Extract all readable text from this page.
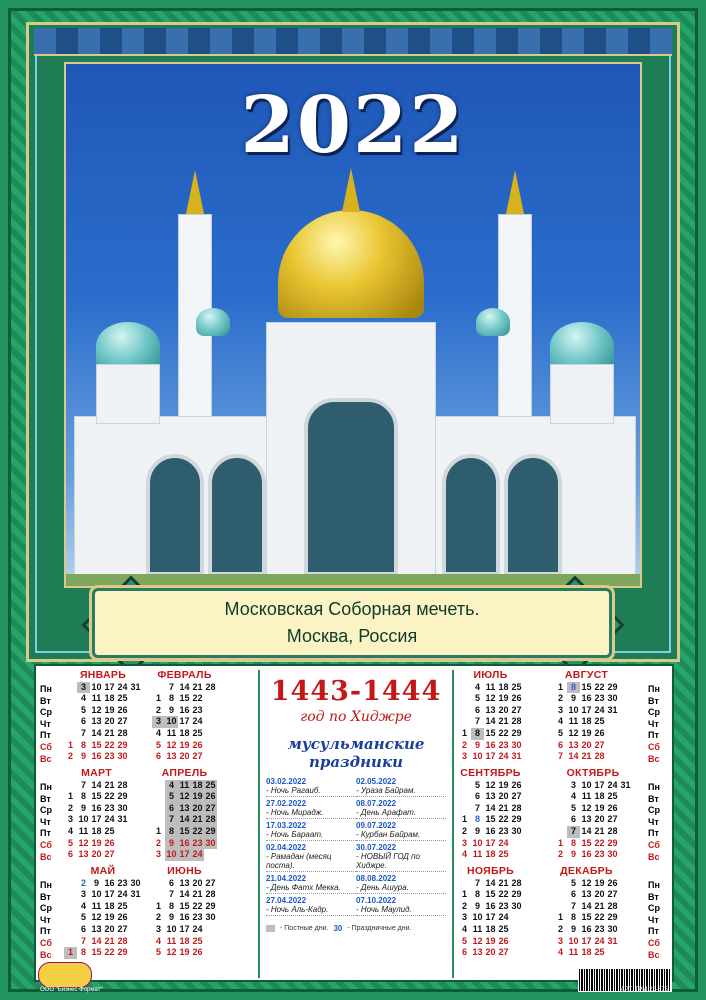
2022
Московская Соборная мечеть.
Москва, Россия
Пн
Вт
Ср
Чт
Пт
Сб
Вс
Пн
Вт
Ср
Чт
Пт
Сб
Вс
Пн
Вт
Ср
Чт
Пт
Сб
Вс
ЯНВАРЬ
3 10 17 24 31
4 11 18 25
5 12 19 26
6 13 20 27
7 14 21 28
1 8 15 22 29
2 9 16 23 30
ФЕВРАЛЬ
7 14 21 28
1 8 15 22
2 9 16 23
3 10 17 24
4 11 18 25
5 12 19 26
6 13 20 27
МАРТ
7 14 21 28
1 8 15 22 29
2 9 16 23 30
3 10 17 24 31
4 11 18 25
5 12 19 26
6 13 20 27
АПРЕЛЬ
4 11 18 25
5 12 19 26
6 13 20 27
7 14 21 28
1 8 15 22 29
2 9 16 23 30
3 10 17 24
МАЙ
2 9 16 23 30
3 10 17 24 31
4 11 18 25
5 12 19 26
6 13 20 27
7 14 21 28
1 8 15 22 29
ИЮНЬ
6 13 20 27
7 14 21 28
1 8 15 22 29
2 9 16 23 30
3 10 17 24
4 11 18 25
5 12 19 26
1443-1444
год по Хиджре
мусульманские
праздники
03.02.2022
- Ночь Рагаиб.
27.02.2022
- Ночь Мирадж.
17.03.2022
- Ночь Бараат.
02.04.2022
- Рамадан (месяц поста).
21.04.2022
- День Фатх Мекка.
27.04.2022
- Ночь Аль-Кадр.
02.05.2022
- Ураза Байрам.
08.07.2022
- День Арафат.
09.07.2022
- Курбан Байрам.
30.07.2022
- НОВЫЙ ГОД по Хиджре.
08.08.2022
- День Ашура.
07.10.2022
- Ночь Маулид.
- Постные дни. 30 - Праздничные дни.
Пн
Вт
Ср
Чт
Пт
Сб
Вс
Пн
Вт
Ср
Чт
Пт
Сб
Вс
Пн
Вт
Ср
Чт
Пт
Сб
Вс
ИЮЛЬ
4 11 18 25
5 12 19 26
6 13 20 27
7 14 21 28
1 8 15 22 29
2 9 16 23 30
3 10 17 24 31
АВГУСТ
1 8 15 22 29
2 9 16 23 30
3 10 17 24 31
4 11 18 25
5 12 19 26
6 13 20 27
7 14 21 28
СЕНТЯБРЬ
5 12 19 26
6 13 20 27
7 14 21 28
1 8 15 22 29
2 9 16 23 30
3 10 17 24
4 11 18 25
ОКТЯБРЬ
3 10 17 24 31
4 11 18 25
5 12 19 26
6 13 20 27
7 14 21 28
1 8 15 22 29
2 9 16 23 30
НОЯБРЬ
7 14 21 28
1 8 15 22 29
2 9 16 23 30
3 10 17 24
4 11 18 25
5 12 19 26
6 13 20 27
ДЕКАБРЬ
5 12 19 26
6 13 20 27
7 14 21 28
1 8 15 22 29
2 9 16 23 30
3 10 17 24 31
4 11 18 25
ООО "Бизнес Формат"	АРТ. ТРМ-22-675
